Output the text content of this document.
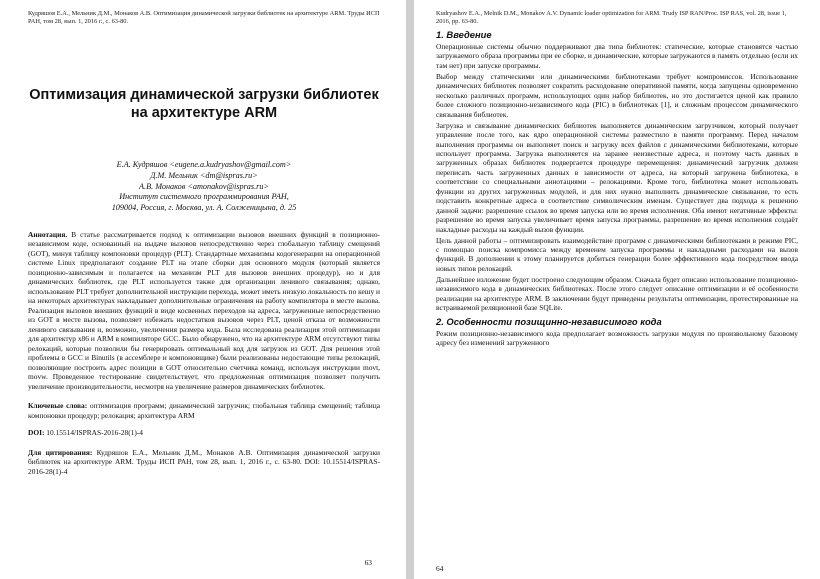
Кудряшов Е.А., Мельник Д.М., Монаков А.В. Оптимизация динамической загрузки библиотек на архитектуре ARM. Труды ИСП РАН, том 28, вып. 1, 2016 г., с. 63-80.
Оптимизация динамической загрузки библиотек на архитектуре ARM
Е.А. Кудряшов <eugene.a.kudryashov@gmail.com>
Д.М. Мельник <dm@ispras.ru>
А.В. Монаков <amonakov@ispras.ru>
Институт системного программирования РАН,
109004, Россия, г. Москва, ул. А. Солженицына, д. 25

Аннотация. В статье рассматривается подход к оптимизации вызовов внешних функций в позиционно-независимом коде, основанный на выдаче вызовов непосредственно через глобальную таблицу смещений (GOT), минуя таблицу компоновки процедур (PLT). Стандартные механизмы кодогенерации на операционной системе Linux предполагают создание PLT на этапе сборки для основного модуля (который является позиционно-зависимым и полагается на механизм PLT для вызовов внешних процедур), но и для динамических библиотек, где PLT используется также для организации ленивого связывания; однако, использование PLT требует дополнительной инструкции перехода, может иметь низкую локальность по кешу и на некоторых архитектурах накладывает дополнительные ограничения на работу компилятора в месте вызова. Реализация вызовов внешних функций в виде косвенных переходов на адреса, загруженные непосредственно из GOT в месте вызова, позволяет избежать недостатков вызовов через PLT, ценой отказа от возможности ленивого связывания и, возможно, увеличения размера кода. Была исследована реализация этой оптимизации для архитектур x86 и ARM в компиляторе GCC. Было обнаружено, что на архитектуре ARM отсутствуют типы релокаций, которые позволили бы генерировать оптимальный код для загрузок из GOT. Для решения этой проблемы в GCC и Binutils (в ассемблере и компоновщике) были реализованы недостающие типы релокаций, позволяющие построить адрес позиции в GOT относительно счетчика команд, используя инструкции movt, movw. Проведенное тестирование свидетельствует, что предложенная оптимизация позволяет получить увеличение производительности, несмотря на увеличение размеров динамических библиотек.

Ключевые слова: оптимизация программ; динамический загрузчик; глобальная таблица смещений; таблица компоновки процедур; релокация; архитектура ARM

DOI: 10.15514/ISPRAS-2016-28(1)-4

Для цитирования: Кудряшов Е.А., Мельник Д.М., Монаков А.В. Оптимизация динамической загрузки библиотек на архитектуре ARM. Труды ИСП РАН, том 28, вып. 1, 2016 г., с. 63-80. DOI: 10.15514/ISPRAS-2016-28(1)-4

63
Kudryashov E.A., Melnik D.M., Monakov A.V. Dynamic loader optimization for ARM. Trudy ISP RAN/Proc. ISP RAS, vol. 28, issue 1, 2016, pp. 63-80.
1. Введение

Операционные системы обычно поддерживают два типа библиотек: статические, которые становятся частью загружаемого образа программы при ее сборке, и динамические, которые загружаются в память отдельно (если их там нет) при запуске программы.

Выбор между статическими или динамическими библиотеками требует компромиссов. Использование динамических библиотек позволяет сократить расходование оперативной памяти, когда запущены одновременно несколько различных программ, использующих один набор библиотек, но это достигается ценой как правило более сложного позиционно-независимого кода (PIC) в библиотеках [1], и сложным процессом динамического связывания библиотек.

Загрузка и связывание динамических библиотек выполняется динамическим загрузчиком, который получает управление после того, как ядро операционной системы разместило в памяти программу. Перед началом выполнения программы он выполняет поиск и загрузку всех файлов с динамическими библиотеками, которые использует программа. Загрузка выполняется на заранее неизвестные адреса, и поэтому часть данных в загруженных образах библиотек подвергается процедуре перемещения: динамический загрузчик должен переписать часть загруженных данных в зависимости от адреса, на который загружена библиотека, в соответствии со специальными аннотациями – релокациями. Кроме того, библиотека может использовать функции из других загруженных модулей, и для них нужно выполнить динамическое связывание, то есть подставить конкретные адреса в соответствие символическим именам. Существует два подхода к решению данной задачи: разрешение ссылок во время запуска или во время исполнения. Оба имеют негативные эффекты: разрешение во время запуска увеличивает время запуска программы, разрешение во время исполнения создаёт накладные расходы на каждый вызов функции.

Цель данной работы – оптимизировать взаимодействие программ с динамическими библиотеками в режиме PIC, с помощью поиска компромисса между временем запуска программы и накладными расходами на вызов функций. В дополнении к этому планируется добиться генерации более эффективного кода посредством ввода новых типов релокаций.

Дальнейшее изложение будет построено следующим образом. Сначала будет описано использование позиционно-независимого кода в динамических библиотеках. После этого следует описание оптимизации и её особенности реализации на архитектуре ARM. В заключении будут приведены результаты оптимизации, протестированные на встраиваемой реляционной базе SQLite.

2. Особенности позищинно-независимого кода

Режим позиционно-независимого кода предполагает возможность загрузки модуля по произвольному базовому адресу без изменений загруженного

64
